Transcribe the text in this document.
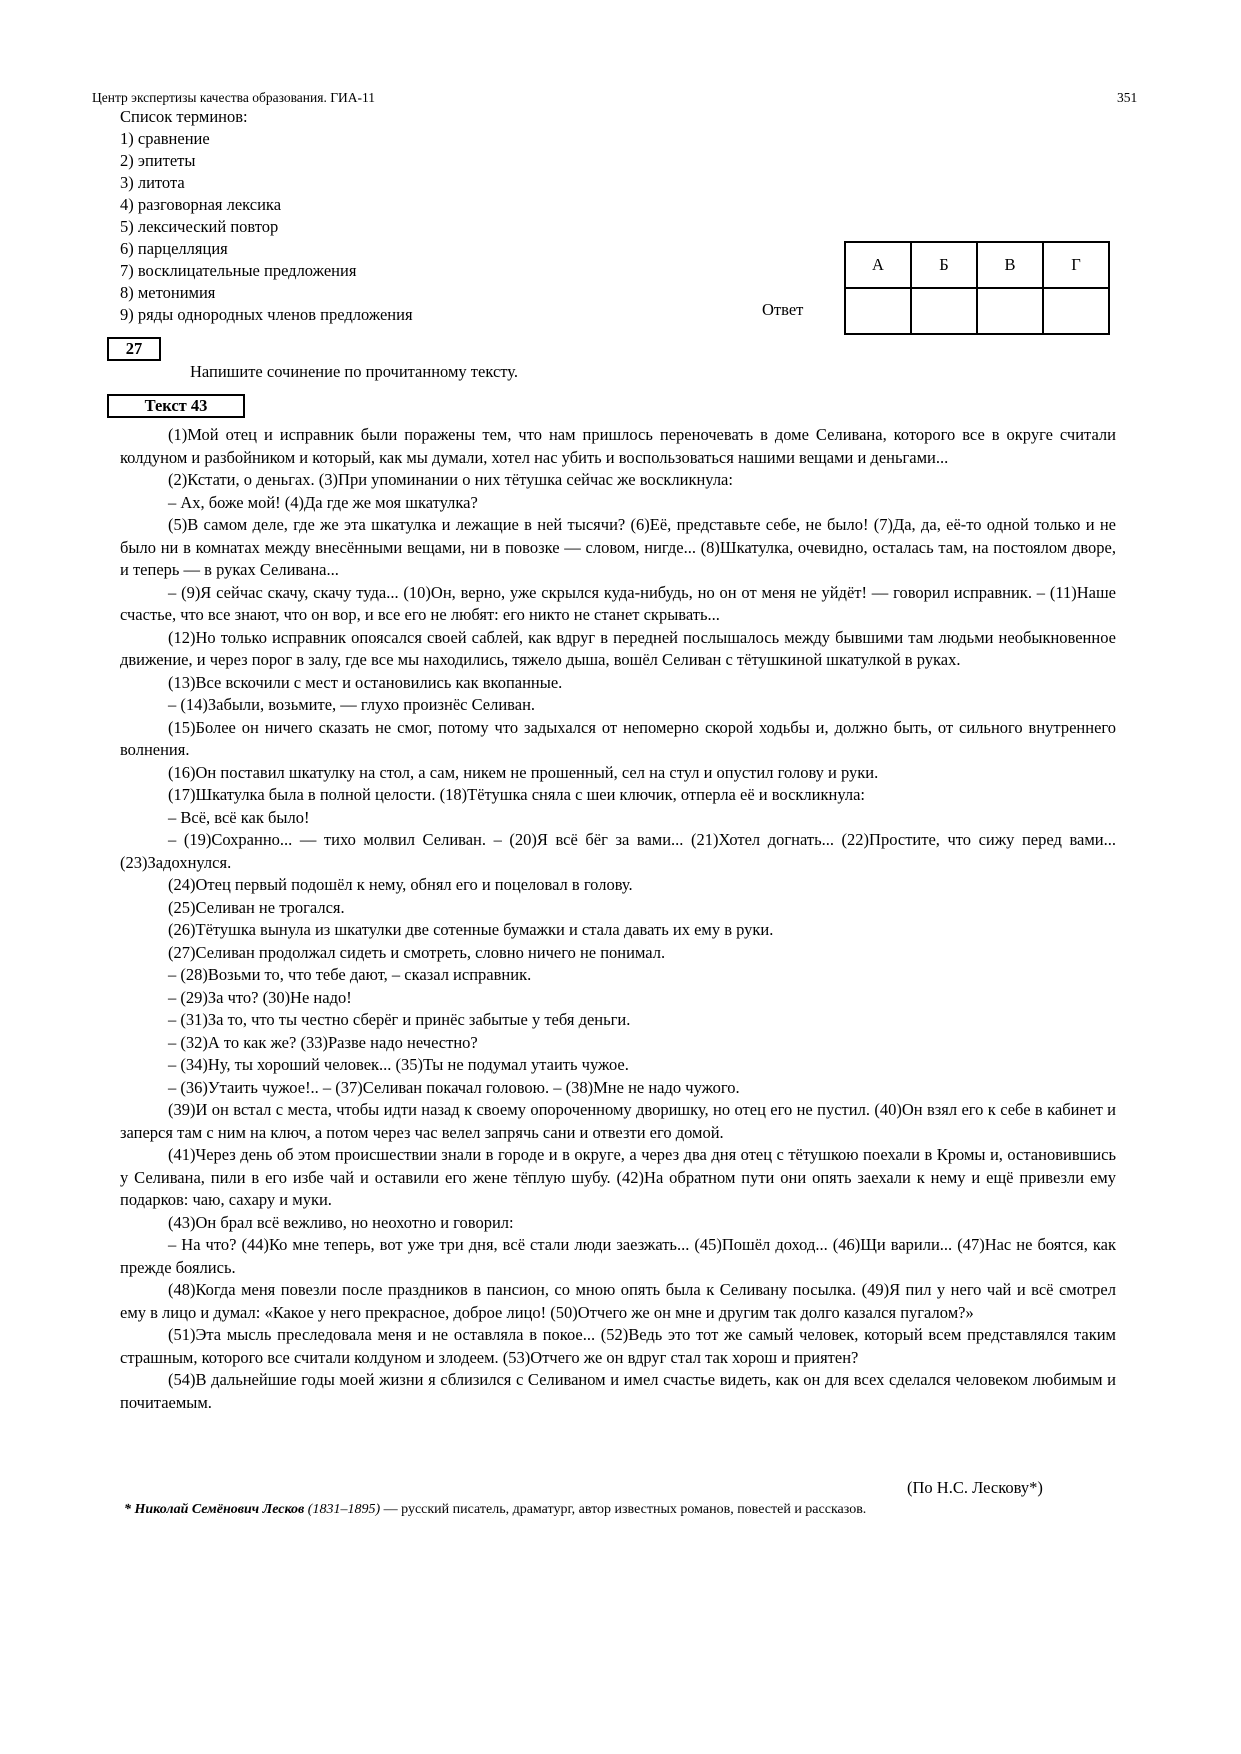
Центр экспертизы качества образования. ГИА-11	351
Список терминов:
1) сравнение
2) эпитеты
3) литота
4) разговорная лексика
5) лексический повтор
6) парцелляция
7) восклицательные предложения
8) метонимия
9) ряды однородных членов предложения	Ответ
А	Б	В	Г

27
Напишите сочинение по прочитанному тексту.
Текст 43

(1)Мой отец и исправник были поражены тем, что нам пришлось переночевать в доме Селивана, которого все в округе считали колдуном и разбойником и который, как мы думали, хотел нас убить и воспользоваться нашими вещами и деньгами...

(2)Кстати, о деньгах. (3)При упоминании о них тётушка сейчас же воскликнула:

– Ах, боже мой! (4)Да где же моя шкатулка?

(5)В самом деле, где же эта шкатулка и лежащие в ней тысячи? (6)Её, представьте себе, не было! (7)Да, да, её-то одной только и не было ни в комнатах между внесёнными вещами, ни в повозке — словом, нигде... (8)Шкатулка, очевидно, осталась там, на постоялом дворе, и теперь — в руках Селивана...

– (9)Я сейчас скачу, скачу туда... (10)Он, верно, уже скрылся куда-нибудь, но он от меня не уйдёт! — говорил исправник. – (11)Наше счастье, что все знают, что он вор, и все его не любят: его никто не станет скрывать...

(12)Но только исправник опоясался своей саблей, как вдруг в передней послышалось между бывшими там людьми необыкновенное движение, и через порог в залу, где все мы находились, тяжело дыша, вошёл Селиван с тётушкиной шкатулкой в руках.

(13)Все вскочили с мест и остановились как вкопанные.

– (14)Забыли, возьмите, — глухо произнёс Селиван.

(15)Более он ничего сказать не смог, потому что задыхался от непомерно скорой ходьбы и, должно быть, от сильного внутреннего волнения.

(16)Он поставил шкатулку на стол, а сам, никем не прошенный, сел на стул и опустил голову и руки.

(17)Шкатулка была в полной целости. (18)Тётушка сняла с шеи ключик, отперла её и воскликнула:

– Всё, всё как было!

– (19)Сохранно... — тихо молвил Селиван. – (20)Я всё бёг за вами... (21)Хотел догнать... (22)Простите, что сижу перед вами... (23)Задохнулся.

(24)Отец первый подошёл к нему, обнял его и поцеловал в голову.

(25)Селиван не трогался.

(26)Тётушка вынула из шкатулки две сотенные бумажки и стала давать их ему в руки.

(27)Селиван продолжал сидеть и смотреть, словно ничего не понимал.

– (28)Возьми то, что тебе дают, – сказал исправник.

– (29)За что? (30)Не надо!

– (31)За то, что ты честно сберёг и принёс забытые у тебя деньги.

– (32)А то как же? (33)Разве надо нечестно?

– (34)Ну, ты хороший человек... (35)Ты не подумал утаить чужое.

– (36)Утаить чужое!.. – (37)Селиван покачал головою. – (38)Мне не надо чужого.

(39)И он встал с места, чтобы идти назад к своему опороченному дворишку, но отец его не пустил. (40)Он взял его к себе в кабинет и заперся там с ним на ключ, а потом через час велел запрячь сани и отвезти его домой.

(41)Через день об этом происшествии знали в городе и в округе, а через два дня отец с тётушкою поехали в Кромы и, остановившись у Селивана, пили в его избе чай и оставили его жене тёплую шубу. (42)На обратном пути они опять заехали к нему и ещё привезли ему подарков: чаю, сахару и муки.

(43)Он брал всё вежливо, но неохотно и говорил:

– На что? (44)Ко мне теперь, вот уже три дня, всё стали люди заезжать... (45)Пошёл доход... (46)Щи варили... (47)Нас не боятся, как прежде боялись.

(48)Когда меня повезли после праздников в пансион, со мною опять была к Селивану посылка. (49)Я пил у него чай и всё смотрел ему в лицо и думал: «Какое у него прекрасное, доброе лицо! (50)Отчего же он мне и другим так долго казался пугалом?»

(51)Эта мысль преследовала меня и не оставляла в покое... (52)Ведь это тот же самый человек, который всем представлялся таким страшным, которого все считали колдуном и злодеем. (53)Отчего же он вдруг стал так хорош и приятен?

(54)В дальнейшие годы моей жизни я сблизился с Селиваном и имел счастье видеть, как он для всех сделался человеком любимым и почитаемым.

(По Н.С. Лескову*)
* Николай Семёнович Лесков (1831–1895) — русский писатель, драматург, автор известных романов, повестей и рассказов.
